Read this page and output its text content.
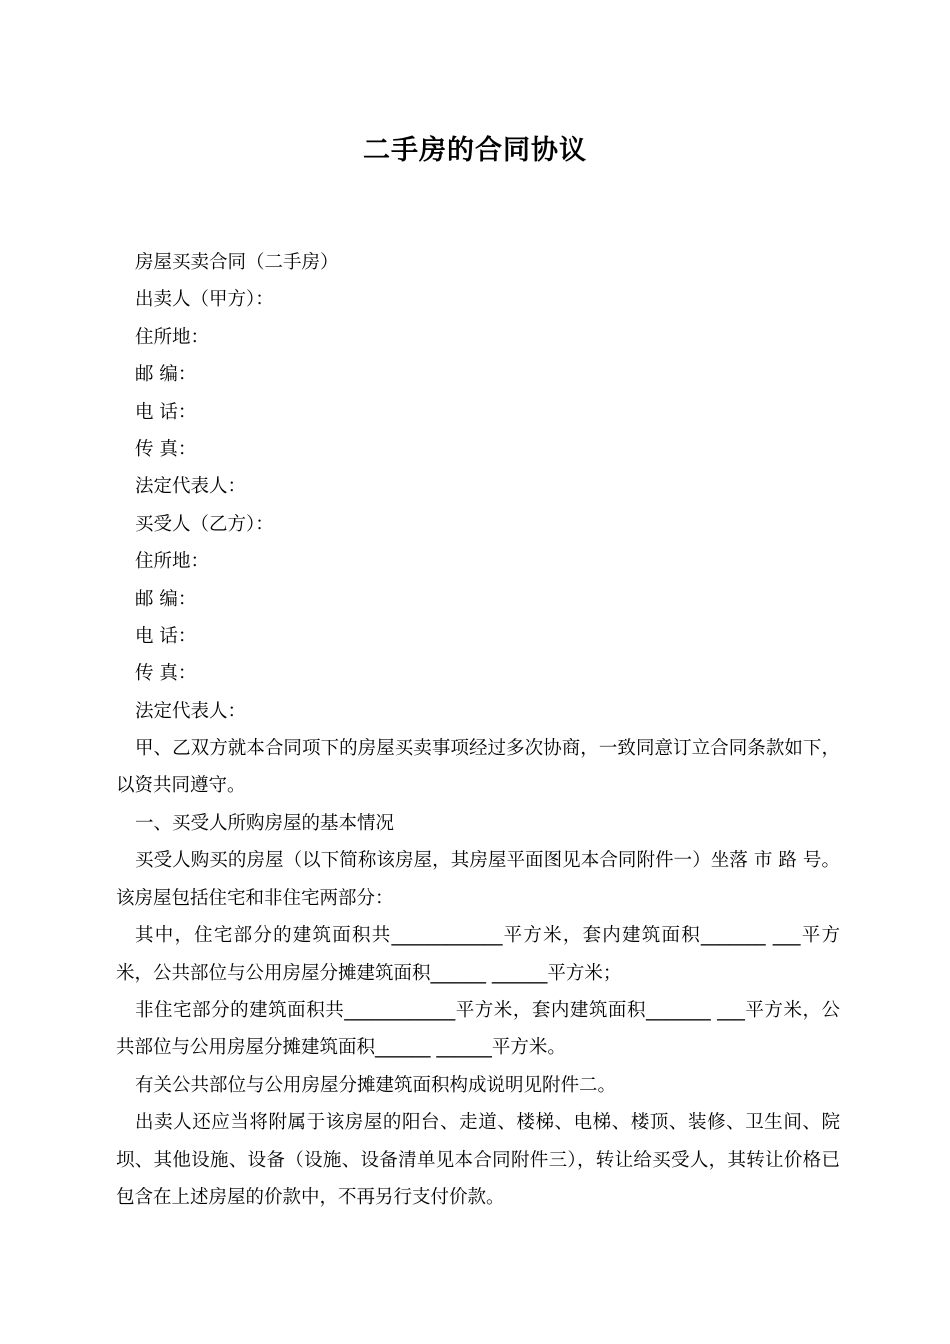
二手房的合同协议

房屋买卖合同（二手房）

出卖人（甲方）：

住所地：

邮 编：

电 话：

传 真：

法定代表人：

买受人（乙方）：

住所地：

邮 编：

电 话：

传 真：

法定代表人：

甲、乙双方就本合同项下的房屋买卖事项经过多次协商，一致同意订立合同条款如下，以资共同遵守。

一、买受人所购房屋的基本情况

买受人购买的房屋（以下简称该房屋，其房屋平面图见本合同附件一）坐落 市 路 号。该房屋包括住宅和非住宅两部分：

其中，住宅部分的建筑面积共____________平方米，套内建筑面积_______ ___平方米，公共部位与公用房屋分摊建筑面积______ ______平方米；

非住宅部分的建筑面积共____________平方米，套内建筑面积_______ ___平方米，公共部位与公用房屋分摊建筑面积______ ______平方米。

有关公共部位与公用房屋分摊建筑面积构成说明见附件二。

出卖人还应当将附属于该房屋的阳台、走道、楼梯、电梯、楼顶、装修、卫生间、院坝、其他设施、设备（设施、设备清单见本合同附件三），转让给买受人，其转让价格已包含在上述房屋的价款中，不再另行支付价款。
